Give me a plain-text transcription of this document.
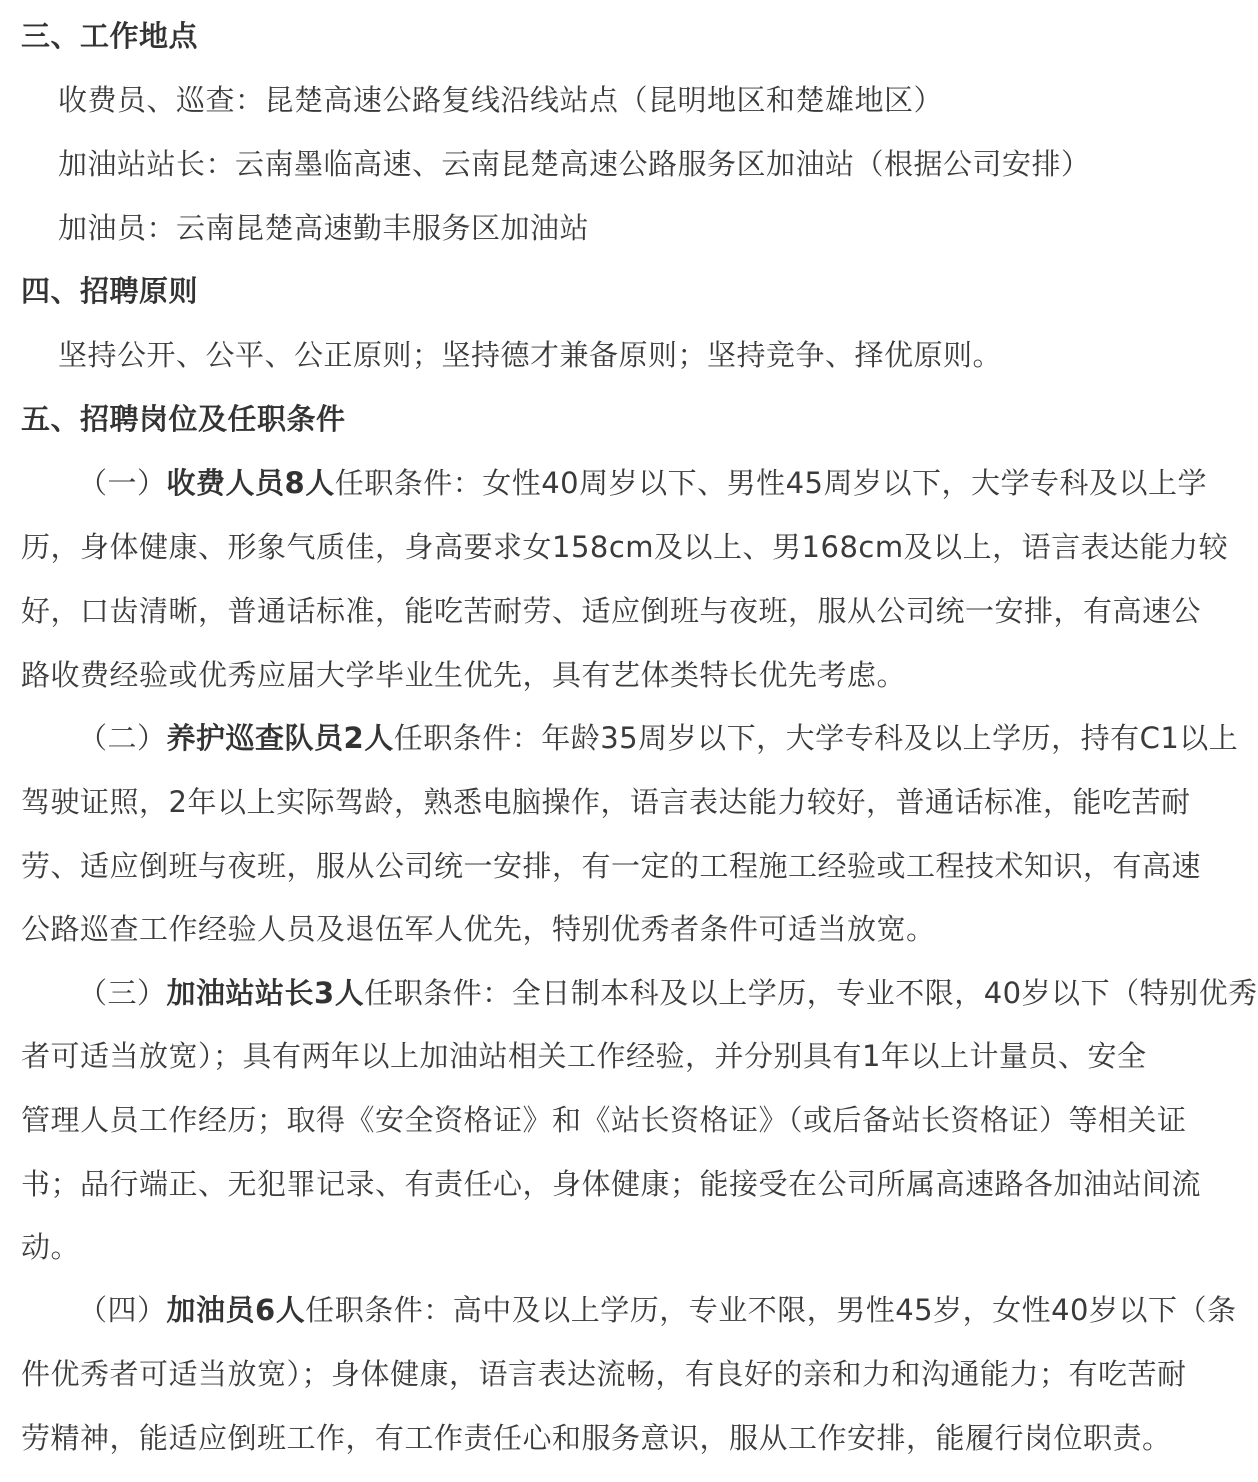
三、工作地点
收费员、巡查：昆楚高速公路复线沿线站点（昆明地区和楚雄地区）
加油站站长：云南墨临高速、云南昆楚高速公路服务区加油站（根据公司安排）
加油员：云南昆楚高速勤丰服务区加油站
四、招聘原则
坚持公开、公平、公正原则；坚持德才兼备原则；坚持竞争、择优原则。
五、招聘岗位及任职条件
（一）收费人员8人任职条件：女性40周岁以下、男性45周岁以下，大学专科及以上学
历，身体健康、形象气质佳，身高要求女158cm及以上、男168cm及以上，语言表达能力较
好，口齿清晰，普通话标准，能吃苦耐劳、适应倒班与夜班，服从公司统一安排，有高速公
路收费经验或优秀应届大学毕业生优先，具有艺体类特长优先考虑。
（二）养护巡查队员2人任职条件：年龄35周岁以下，大学专科及以上学历，持有C1以上
驾驶证照，2年以上实际驾龄，熟悉电脑操作，语言表达能力较好，普通话标准，能吃苦耐
劳、适应倒班与夜班，服从公司统一安排，有一定的工程施工经验或工程技术知识，有高速
公路巡查工作经验人员及退伍军人优先，特别优秀者条件可适当放宽。
（三）加油站站长3人任职条件：全日制本科及以上学历，专业不限，40岁以下（特别优秀
者可适当放宽）；具有两年以上加油站相关工作经验，并分别具有1年以上计量员、安全
管理人员工作经历；取得《安全资格证》和《站长资格证》（或后备站长资格证）等相关证
书；品行端正、无犯罪记录、有责任心，身体健康；能接受在公司所属高速路各加油站间流
动。
（四）加油员6人任职条件：高中及以上学历，专业不限，男性45岁，女性40岁以下（条
件优秀者可适当放宽）；身体健康，语言表达流畅，有良好的亲和力和沟通能力；有吃苦耐
劳精神，能适应倒班工作，有工作责任心和服务意识，服从工作安排，能履行岗位职责。
